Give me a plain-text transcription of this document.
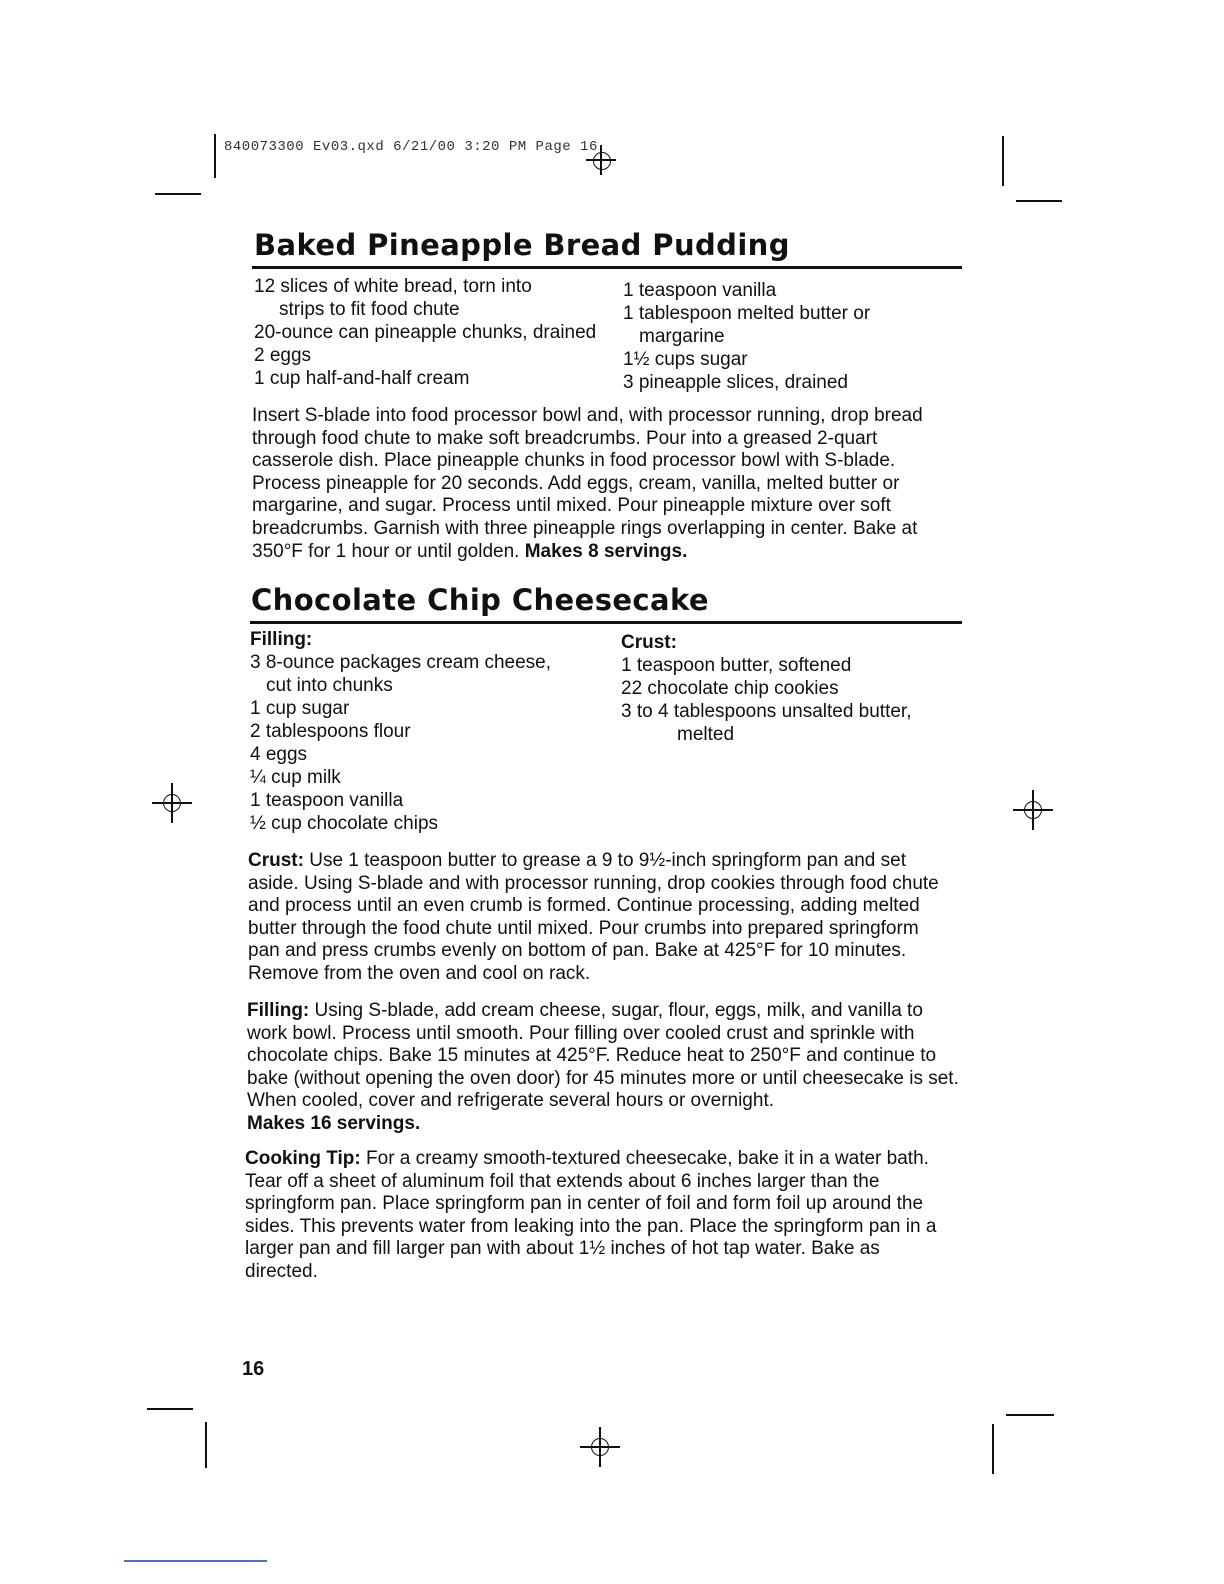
840073300 Ev03.qxd 6/21/00 3:20 PM Page 16
Baked Pineapple Bread Pudding
12 slices of white bread, torn into
strips to fit food chute
20-ounce can pineapple chunks, drained
2 eggs
1 cup half-and-half cream
1 teaspoon vanilla
1 tablespoon melted butter or
margarine
1½ cups sugar
3 pineapple slices, drained

Insert S-blade into food processor bowl and, with processor running, drop bread through food chute to make soft breadcrumbs. Pour into a greased 2-quart casserole dish. Place pineapple chunks in food processor bowl with S-blade. Process pineapple for 20 seconds. Add eggs, cream, vanilla, melted butter or margarine, and sugar. Process until mixed. Pour pineapple mixture over soft breadcrumbs. Garnish with three pineapple rings overlapping in center. Bake at 350°F for 1 hour or until golden. Makes 8 servings.

Chocolate Chip Cheesecake
Filling:
3 8-ounce packages cream cheese,
cut into chunks
1 cup sugar
2 tablespoons flour
4 eggs
¼ cup milk
1 teaspoon vanilla
½ cup chocolate chips
Crust:
1 teaspoon butter, softened
22 chocolate chip cookies
3 to 4 tablespoons unsalted butter,
melted

Crust: Use 1 teaspoon butter to grease a 9 to 9½-inch springform pan and set aside. Using S-blade and with processor running, drop cookies through food chute and process until an even crumb is formed. Continue processing, adding melted butter through the food chute until mixed. Pour crumbs into prepared springform pan and press crumbs evenly on bottom of pan. Bake at 425°F for 10 minutes. Remove from the oven and cool on rack.

Filling: Using S-blade, add cream cheese, sugar, flour, eggs, milk, and vanilla to work bowl. Process until smooth. Pour filling over cooled crust and sprinkle with chocolate chips. Bake 15 minutes at 425°F. Reduce heat to 250°F and continue to bake (without opening the oven door) for 45 minutes more or until cheesecake is set. When cooled, cover and refrigerate several hours or overnight.
Makes 16 servings.

Cooking Tip: For a creamy smooth-textured cheesecake, bake it in a water bath. Tear off a sheet of aluminum foil that extends about 6 inches larger than the springform pan. Place springform pan in center of foil and form foil up around the sides. This prevents water from leaking into the pan. Place the springform pan in a larger pan and fill larger pan with about 1½ inches of hot tap water. Bake as directed.

16
